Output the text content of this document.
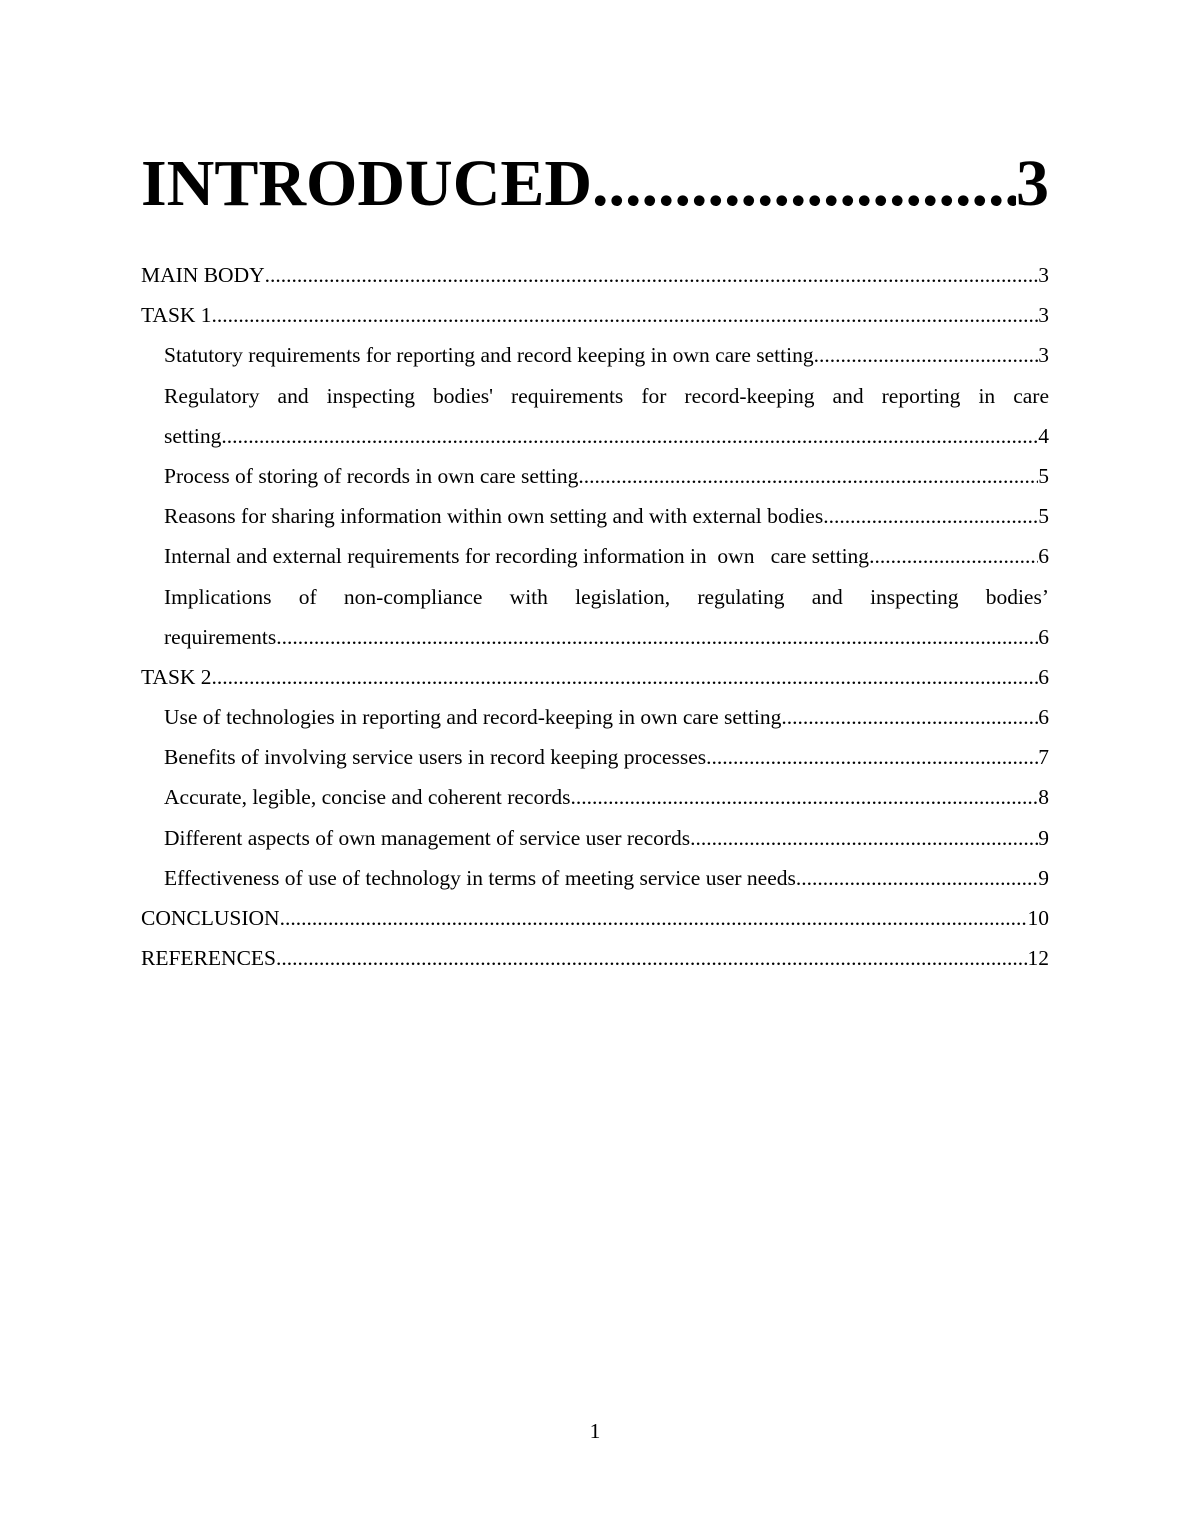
INTRODUCED .....	3
MAIN BODY .....	3
TASK 1 .....	3
Statutory requirements for reporting and record keeping in own care setting .....	3
Regulatory and inspecting bodies' requirements for record-keeping and reporting in care
setting .....	4
Process of storing of records in own care setting .....	5
Reasons for sharing information within own setting and with external bodies .....	5
Internal and external requirements for recording information in  own   care setting .....	6
Implications of non-compliance with legislation, regulating and inspecting bodies’
requirements .....	6
TASK 2 .....	6
Use of technologies in reporting and record-keeping in own care setting .....	6
Benefits of involving service users in record keeping processes .....	7
Accurate, legible, concise and coherent records .....	8
Different aspects of own management of service user records .....	9
Effectiveness of use of technology in terms of meeting service user needs .....	9
CONCLUSION .....	10
REFERENCES .....	12
1
